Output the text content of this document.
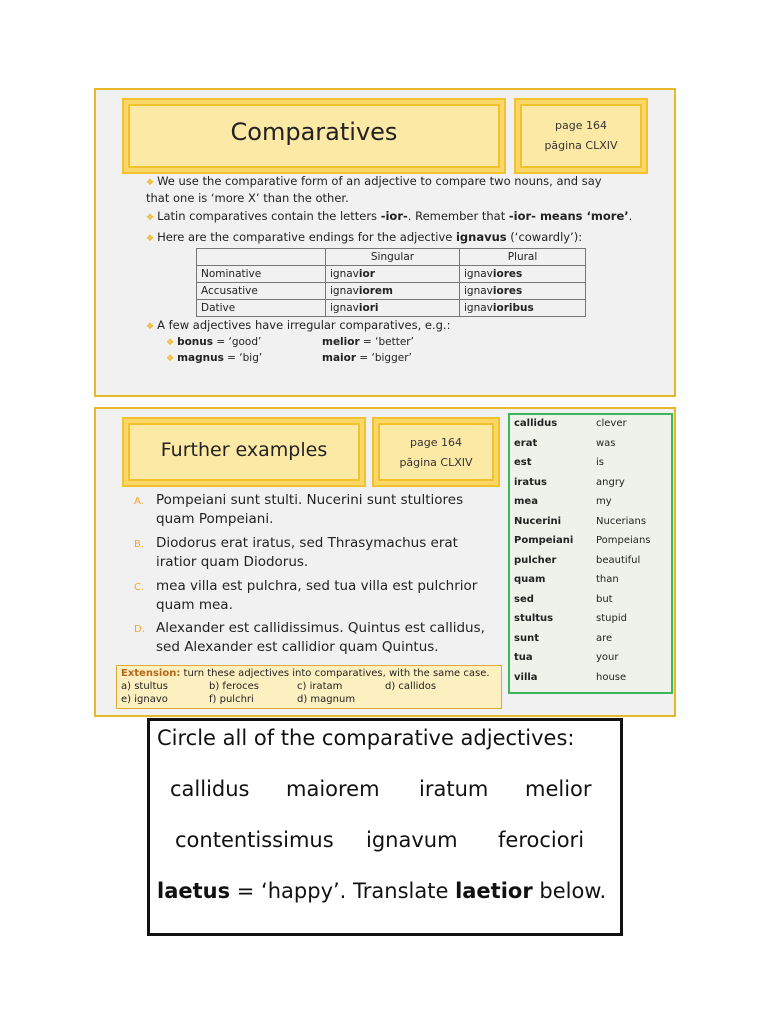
Comparatives	page 164
pāgina CLXIV
❖ We use the comparative form of an adjective to compare two nouns, and say that one is ‘more X’ than the other.
❖ Latin comparatives contain the letters -ior-. Remember that -ior- means ‘more’.
❖ Here are the comparative endings for the adjective ignavus (‘cowardly’):
	Singular	Plural
Nominative	ignavior	ignaviores
Accusative	ignaviorem	ignaviores
Dative	ignaviori	ignavioribus
❖ A few adjectives have irregular comparatives, e.g.:
❖ bonus = ‘good’	melior = ‘better’
❖ magnus = ‘big’	maior = ‘bigger’
Further examples	page 164
pāgina CLXIV
A. Pompeiani sunt stulti. Nucerini sunt stultiores quam Pompeiani.
B. Diodorus erat iratus, sed Thrasymachus erat iratior quam Diodorus.
C. mea villa est pulchra, sed tua villa est pulchrior quam mea.
D. Alexander est callidissimus. Quintus est callidus, sed Alexander est callidior quam Quintus.
Extension: turn these adjectives into comparatives, with the same case.
a) stultus	b) feroces	c) iratam	d) callidos
e) ignavo	f) pulchri	d) magnum
callidus	clever
erat	was
est	is
iratus	angry
mea	my
Nucerini	Nucerians
Pompeiani Pompeians
pulcher	beautiful
quam	than
sed	but
stultus	stupid
sunt	are
tua	your
villa	house
Circle all of the comparative adjectives:
callidus maiorem iratum melior
contentissimus ignavum ferociori
laetus = ‘happy’. Translate laetior below.
